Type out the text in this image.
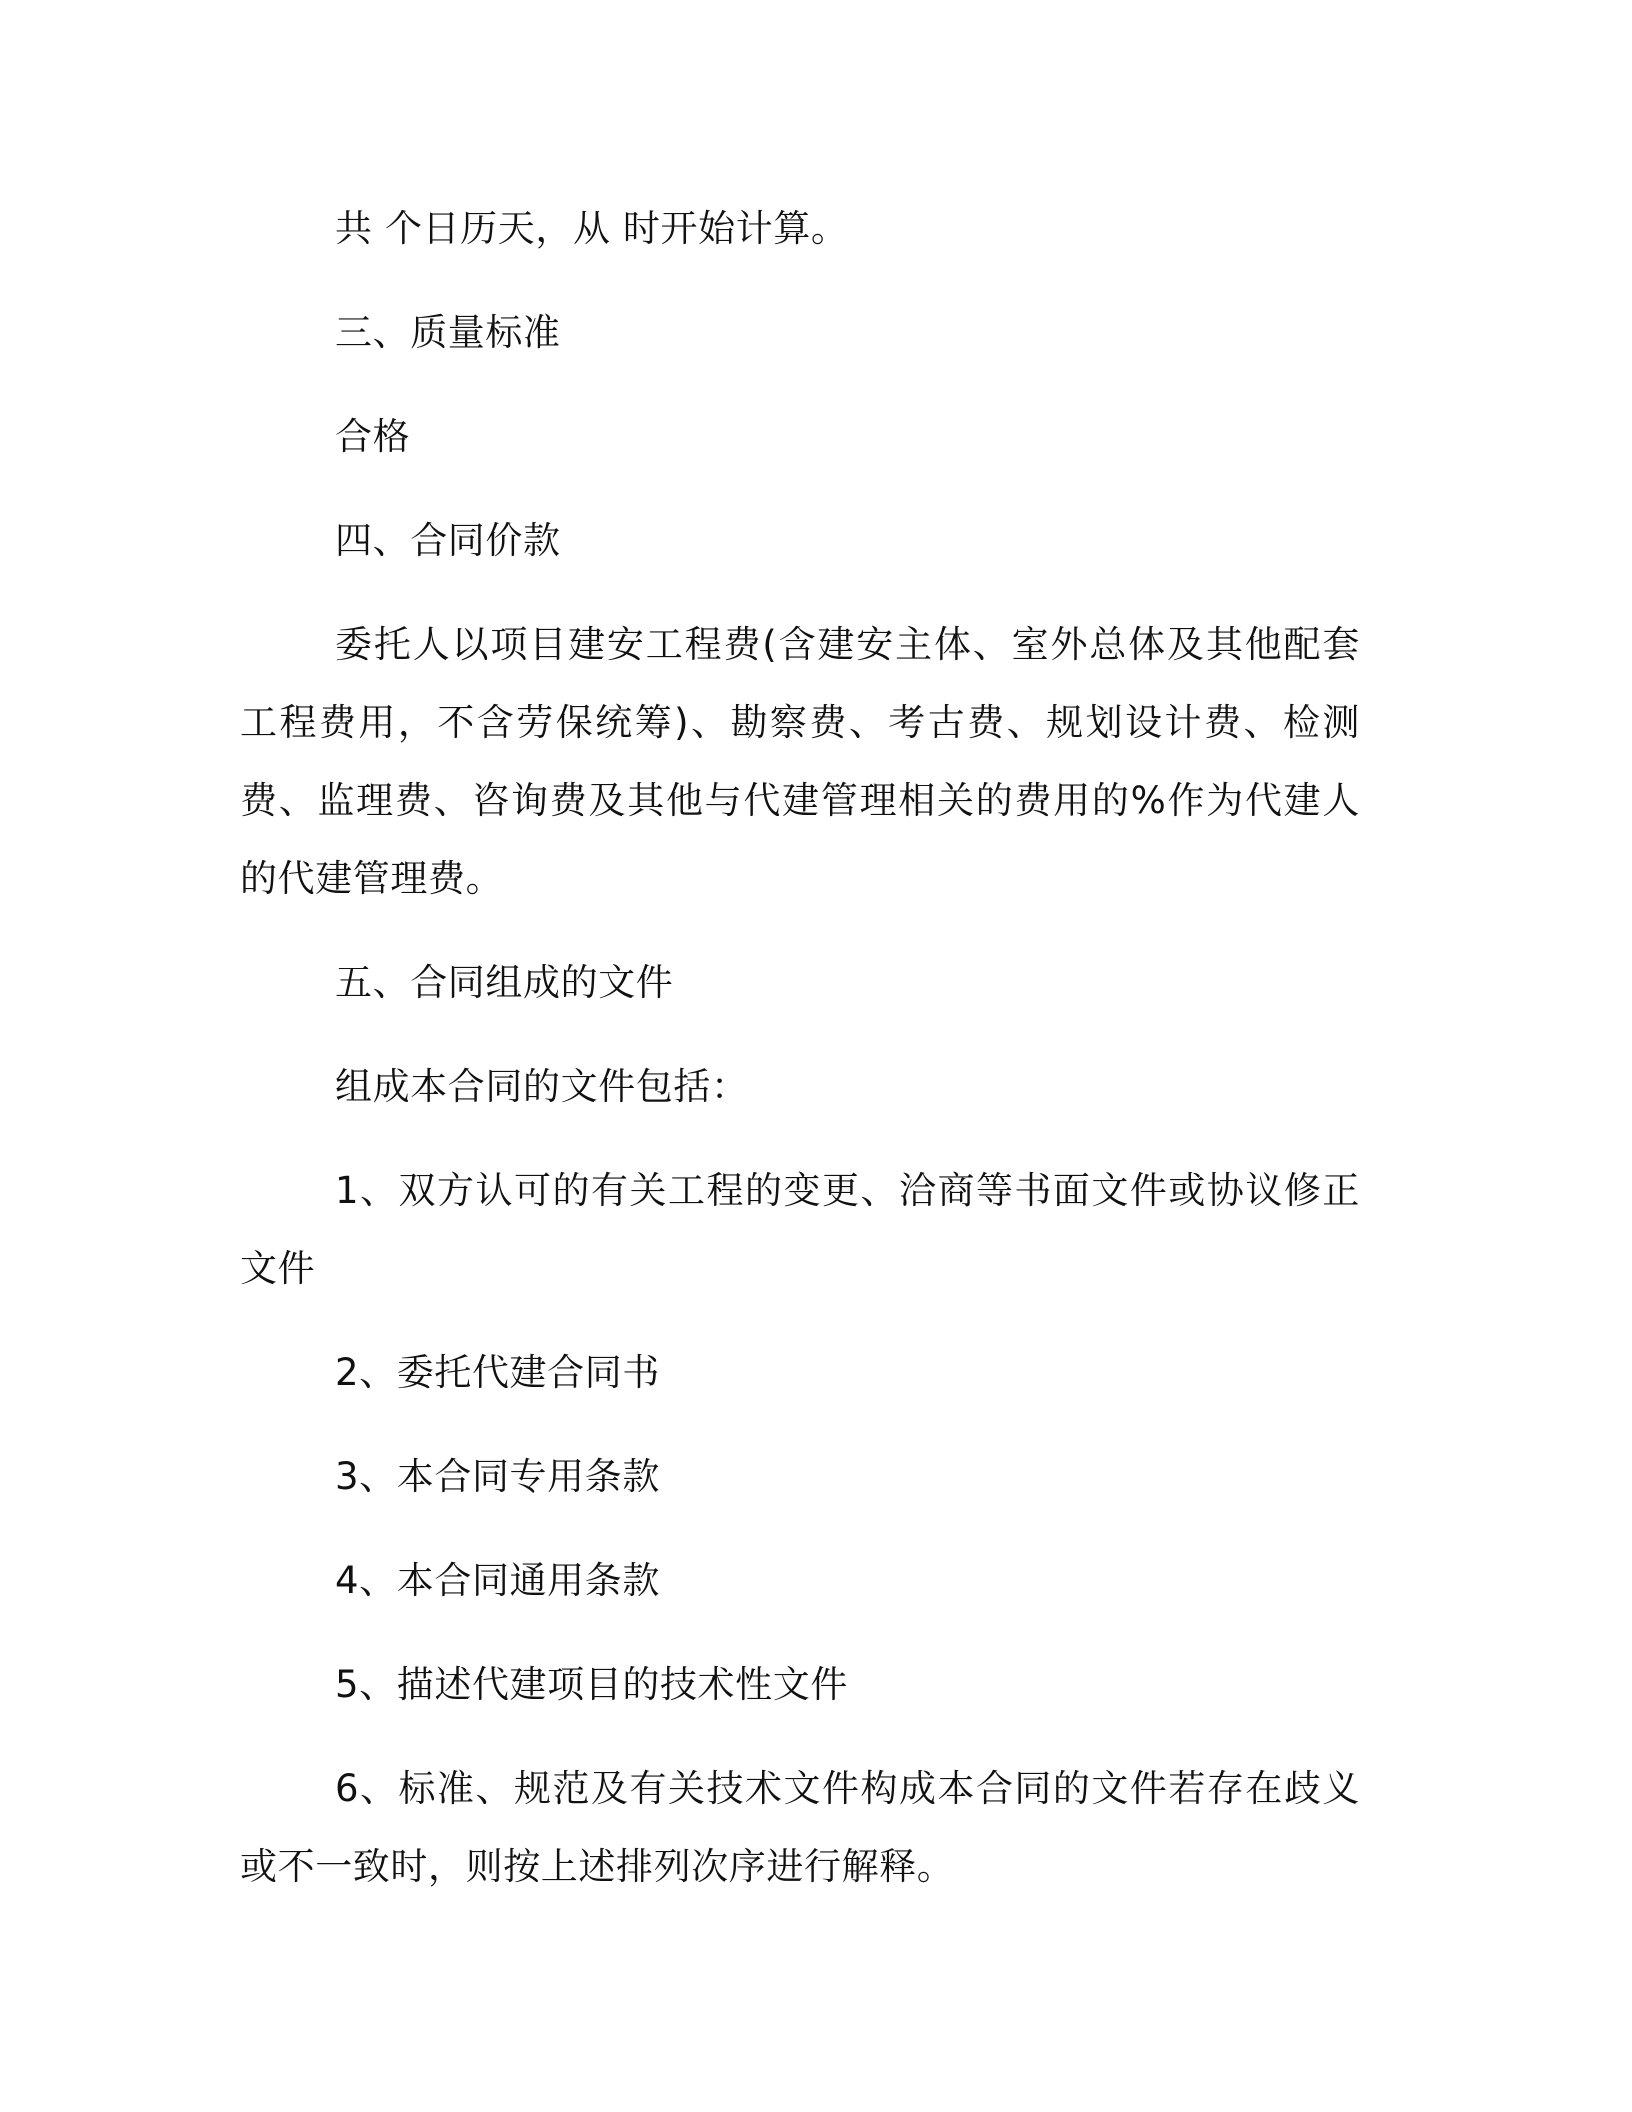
共 个日历天，从 时开始计算。

三、质量标准

合格

四、合同价款

委托人以项目建安工程费(含建安主体、室外总体及其他配套工程费用，不含劳保统筹)、勘察费、考古费、规划设计费、检测费、监理费、咨询费及其他与代建管理相关的费用的%作为代建人的代建管理费。

五、合同组成的文件

组成本合同的文件包括：

1、双方认可的有关工程的变更、洽商等书面文件或协议修正文件

2、委托代建合同书

3、本合同专用条款

4、本合同通用条款

5、描述代建项目的技术性文件

6、标准、规范及有关技术文件构成本合同的文件若存在歧义或不一致时，则按上述排列次序进行解释。
